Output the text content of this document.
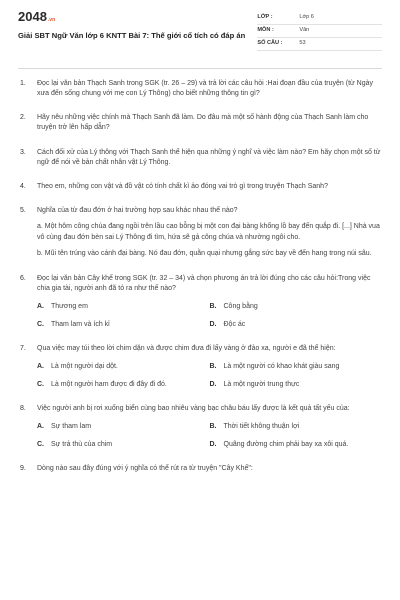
2048.vn
Giải SBT Ngữ Văn lớp 6 KNTT Bài 7: Thế giới cổ tích có đáp án
LỚP :	Lớp 6
MÔN :	Văn
SỐ CÂU :	53
1.	Đọc lại văn bản Thạch Sanh trong SGK (tr. 26 – 29) và trả lời các câu hỏi :Hai đoạn đầu của truyện (từ Ngày xưa đến sống chung với mẹ con Lý Thông) cho biết những thông tin gì?
2.	Hãy nêu những việc chính mà Thạch Sanh đã làm. Do đâu mà một số hành động của Thạch Sanh làm cho truyện trở lên hấp dẫn?
3.	Cách đối xử của Lý thông với Thạch Sanh thể hiện qua những ý nghĩ và việc làm nào? Em hãy chọn một số từ ngữ để nói về bản chất nhân vật Lý Thông.
4.	Theo em, những con vật và đồ vật có tính chất kì ảo đóng vai trò gì trong truyện Thạch Sanh?
5.	Nghĩa của từ đau đớn ở hai trường hợp sau khác nhau thế nào?
a. Một hôm công chúa đang ngồi trên lầu cao bỗng bị một con đại bàng khổng lồ bay đến quắp đi. [...] Nhà vua vô cùng đau đớn bèn sai Lý Thông đi tìm, hứa sẽ gả công chúa và nhường ngôi cho.
b. Mũi tên trúng vào cánh đại bàng. Nó đau đớn, quằn quại nhưng gắng sức bay về đến hang trong núi sâu.
6.	Đọc lại văn bản Cây khế trong SGK (tr. 32 – 34) và chọn phương án trả lời đúng cho các câu hỏi:Trong việc chia gia tài, người anh đã tỏ ra như thế nào?
A.	Thương em	B.	Công bằng
C.	Tham lam và ích kỉ	D.	Độc ác
7.	Qua việc may túi theo lời chim dặn và được chim đưa đi lấy vàng ở đảo xa, người e đã thể hiện:
A.	Là một người dại dột.	B.	Là một người có khao khát giàu sang
C.	Là một người ham được đi đây đi đó.	D.	Là một người trung thực
8.	Việc người anh bị rơi xuống biển cùng bao nhiêu vàng bạc châu báu lấy được là kết quả tất yếu của:
A.	Sự tham lam	B.	Thời tiết không thuận lợi
C.	Sự trả thù của chim	D.	Quãng đường chim phải bay xa xôi quá.
9.	Dòng nào sau đây đúng với ý nghĩa có thể rút ra từ truyện "Cây Khế":
